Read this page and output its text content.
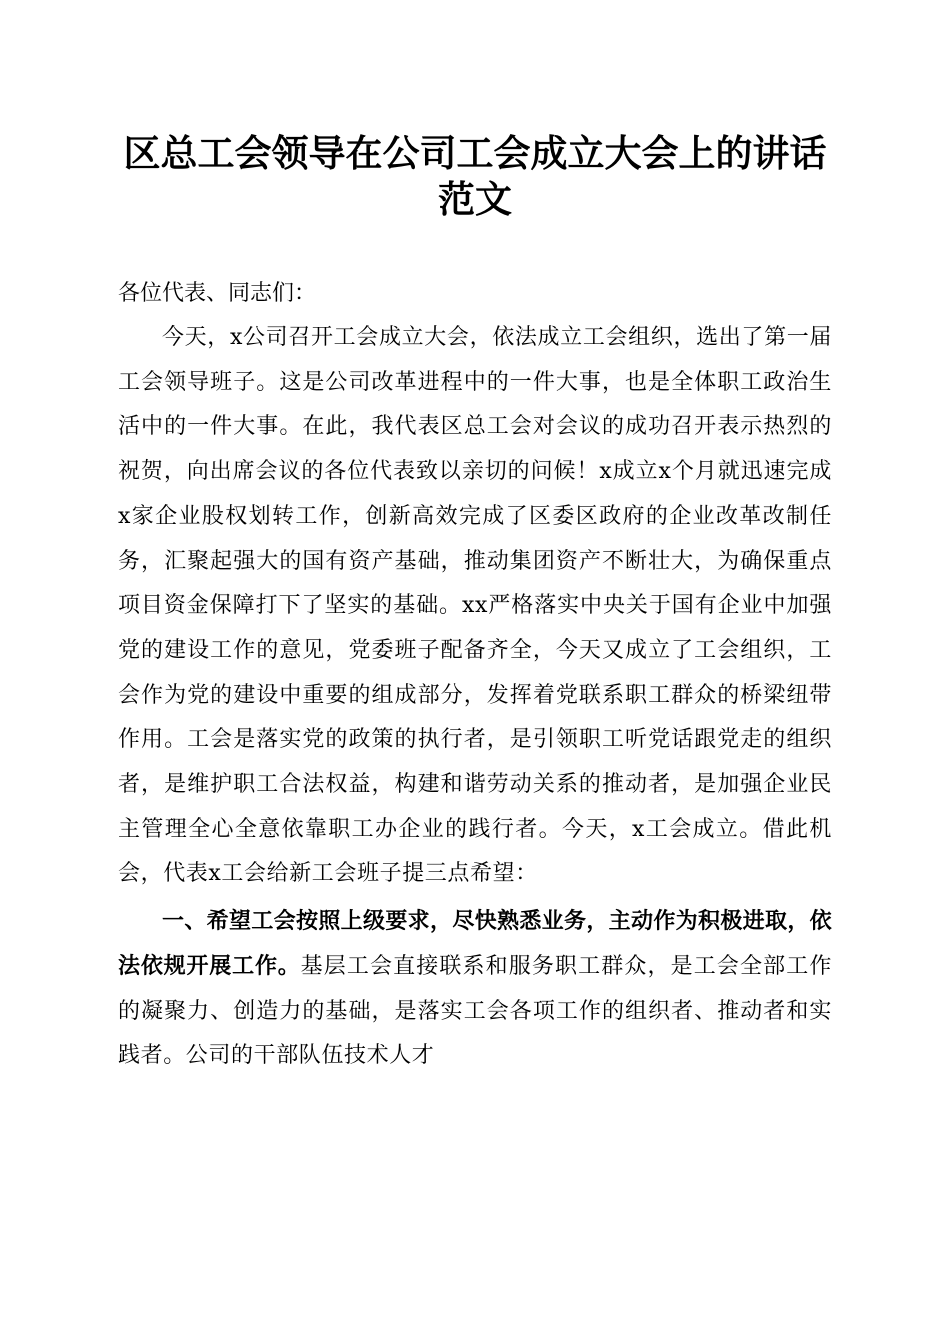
区总工会领导在公司工会成立大会上的讲话范文

各位代表、同志们：

今天，x公司召开工会成立大会，依法成立工会组织，选出了第一届工会领导班子。这是公司改革进程中的一件大事，也是全体职工政治生活中的一件大事。在此，我代表区总工会对会议的成功召开表示热烈的祝贺，向出席会议的各位代表致以亲切的问候！x成立x个月就迅速完成x家企业股权划转工作，创新高效完成了区委区政府的企业改革改制任务，汇聚起强大的国有资产基础，推动集团资产不断壮大，为确保重点项目资金保障打下了坚实的基础。xx严格落实中央关于国有企业中加强党的建设工作的意见，党委班子配备齐全，今天又成立了工会组织，工会作为党的建设中重要的组成部分，发挥着党联系职工群众的桥梁纽带作用。工会是落实党的政策的执行者，是引领职工听党话跟党走的组织者，是维护职工合法权益，构建和谐劳动关系的推动者，是加强企业民主管理全心全意依靠职工办企业的践行者。今天，x工会成立。借此机会，代表x工会给新工会班子提三点希望：

一、希望工会按照上级要求，尽快熟悉业务，主动作为积极进取，依法依规开展工作。基层工会直接联系和服务职工群众，是工会全部工作的凝聚力、创造力的基础，是落实工会各项工作的组织者、推动者和实践者。公司的干部队伍技术人才
